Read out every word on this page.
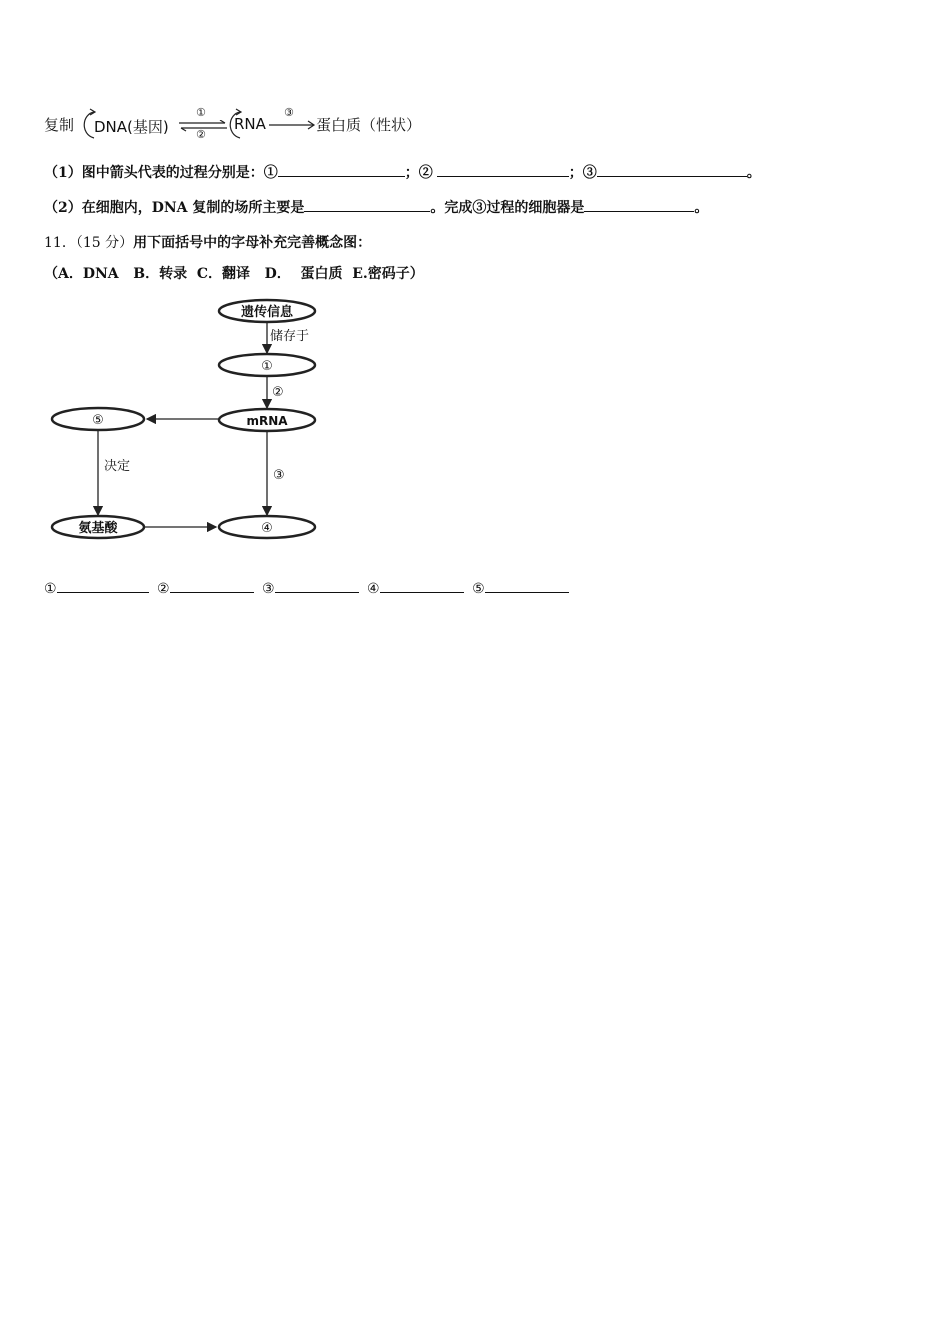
复制 DNA(基因)
①
②
RNA
③
蛋白质（性状）
（1）图中箭头代表的过程分别是：①	；②	；③	。
（2）在细胞内，DNA 复制的场所主要是	。完成③过程的细胞器是	。
11．（15 分）用下面括号中的字母补充完善概念图：
（A．DNA   B．转录  C．翻译   D．  蛋白质  E.密码子）
遗传信息
储存于
①
②
mRNA
⑤
决定
③
氨基酸	④
①	②	③	④	⑤
